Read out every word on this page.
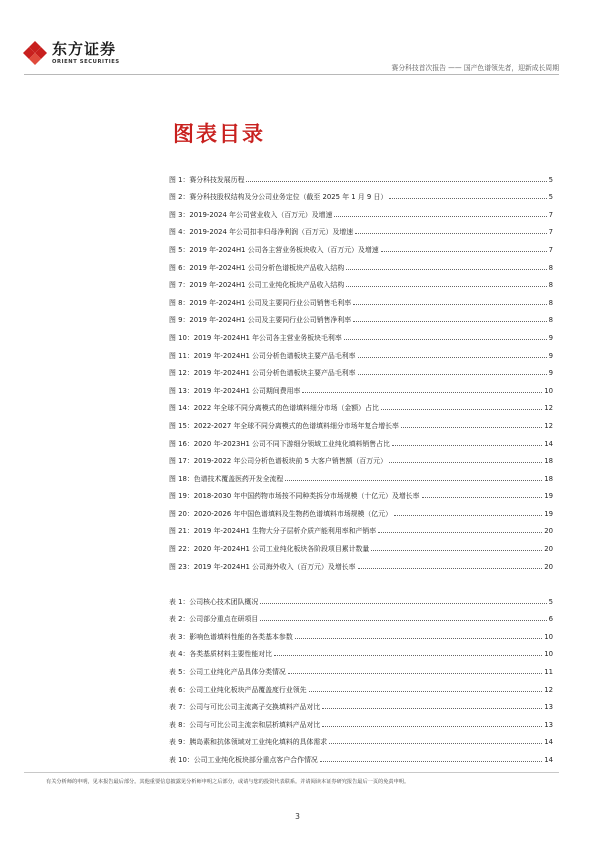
东方证券
ORIENT SECURITIES
赛分科技首次报告 —— 国产色谱领先者，迎新成长周期
图表目录
图 1：赛分科技发展历程	5
图 2：赛分科技股权结构及分公司业务定位（截至 2025 年 1 月 9 日）	5
图 3：2019-2024 年公司营业收入（百万元）及增速	7
图 4：2019-2024 年公司扣非归母净利润（百万元）及增速	7
图 5：2019 年-2024H1 公司各主营业务板块收入（百万元）及增速	7
图 6：2019 年-2024H1 公司分析色谱板块产品收入结构	8
图 7：2019 年-2024H1 公司工业纯化板块产品收入结构	8
图 8：2019 年-2024H1 公司及主要同行业公司销售毛利率	8
图 9：2019 年-2024H1 公司及主要同行业公司销售净利率	8
图 10：2019 年-2024H1 年公司各主营业务板块毛利率	9
图 11：2019 年-2024H1 公司分析色谱板块主要产品毛利率	9
图 12：2019 年-2024H1 公司分析色谱板块主要产品毛利率	9
图 13：2019 年-2024H1 公司期间费用率	10
图 14：2022 年全球不同分离模式的色谱填料细分市场（金额）占比	12
图 15：2022-2027 年全球不同分离模式的色谱填料细分市场年复合增长率	12
图 16：2020 年-2023H1 公司不同下游细分领域工业纯化填料销售占比	14
图 17：2019-2022 年公司分析色谱板块前 5 大客户销售额（百万元）	18
图 18：色谱技术覆盖医药开发全流程	18
图 19：2018-2030 年中国药物市场按不同种类拆分市场规模（十亿元）及增长率	19
图 20：2020-2026 年中国色谱填料及生物药色谱填料市场规模（亿元）	19
图 21：2019 年-2024H1 生物大分子层析介质产能利用率和产销率	20
图 22：2020 年-2024H1 公司工业纯化板块各阶段项目累计数量	20
图 23：2019 年-2024H1 公司海外收入（百万元）及增长率	20
表 1：公司核心技术团队概况	5
表 2：公司部分重点在研项目	6
表 3：影响色谱填料性能的各类基本参数	10
表 4：各类基质材料主要性能对比	10
表 5：公司工业纯化产品具体分类情况	11
表 6：公司工业纯化板块产品覆盖度行业领先	12
表 7：公司与可比公司主流离子交换填料产品对比	13
表 8：公司与可比公司主流亲和层析填料产品对比	13
表 9：胰岛素和抗体领域对工业纯化填料的具体需求	14
表 10：公司工业纯化板块部分重点客户合作情况	14
有关分析师的申明，见本报告最后部分。其他重要信息披露见分析师申明之后部分，或请与您的投资代表联系。并请阅读本证券研究报告最后一页的免责申明。
3
